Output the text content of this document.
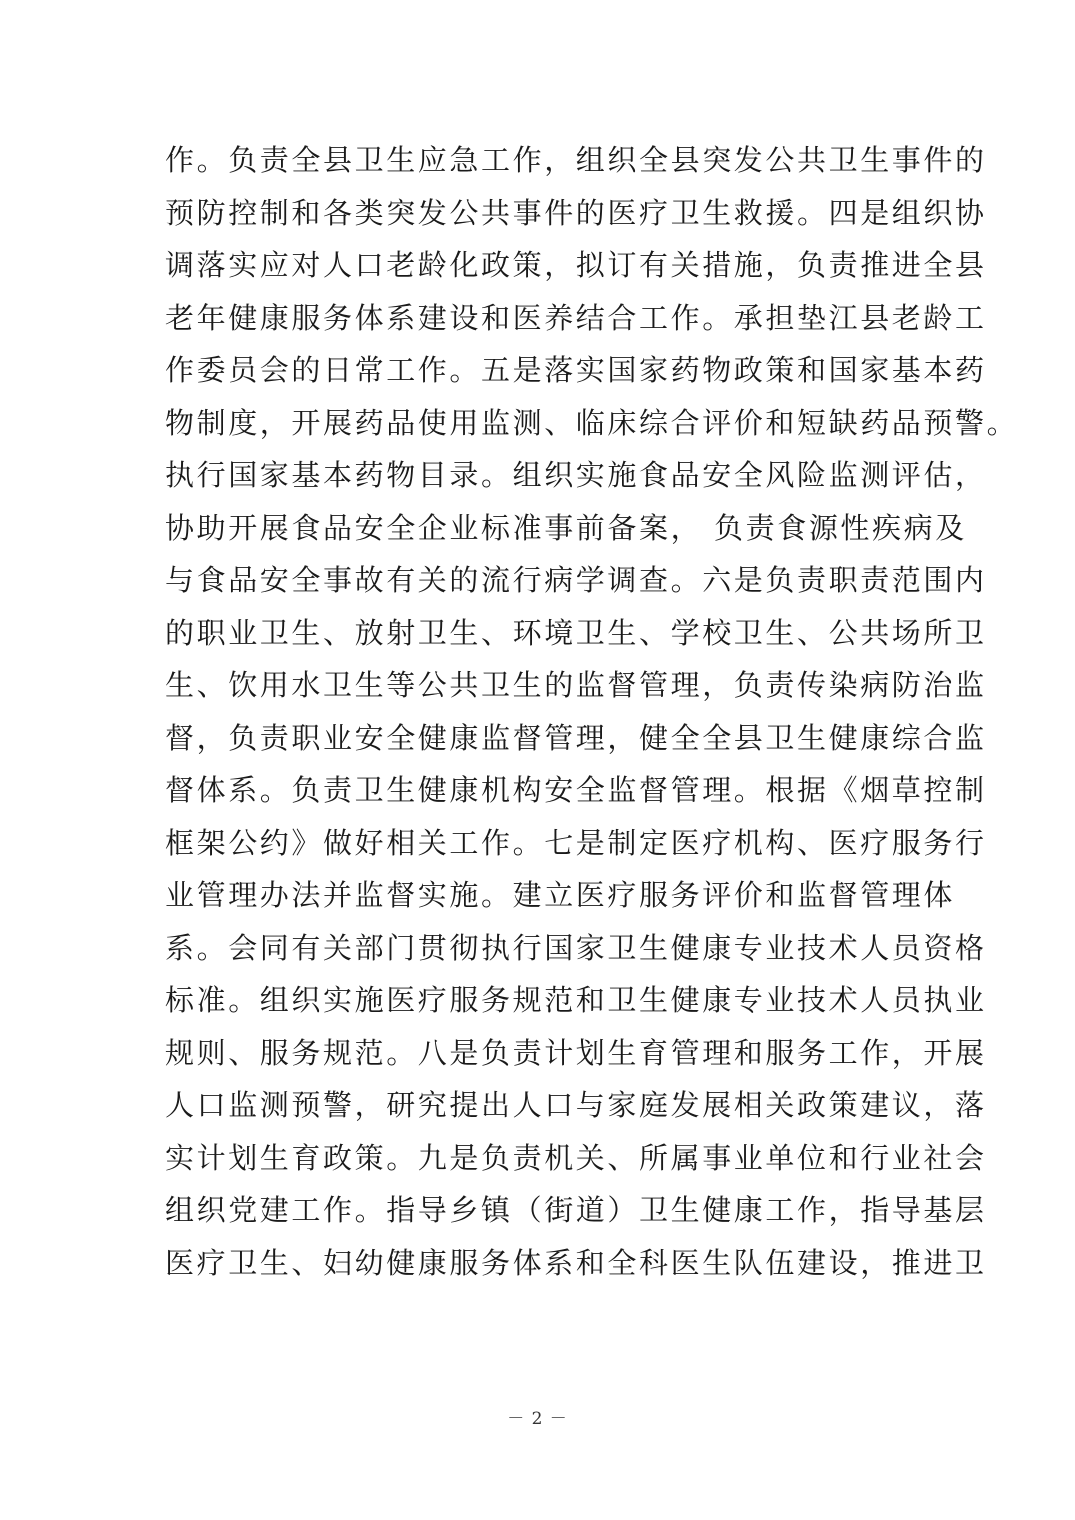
作。负责全县卫生应急工作，组织全县突发公共卫生事件的
预防控制和各类突发公共事件的医疗卫生救援。四是组织协
调落实应对人口老龄化政策，拟订有关措施，负责推进全县
老年健康服务体系建设和医养结合工作。承担垫江县老龄工
作委员会的日常工作。五是落实国家药物政策和国家基本药
物制度，开展药品使用监测、临床综合评价和短缺药品预警。
执行国家基本药物目录。组织实施食品安全风险监测评估，
协助开展食品安全企业标准事前备案， 负责食源性疾病及
与食品安全事故有关的流行病学调查。六是负责职责范围内
的职业卫生、放射卫生、环境卫生、学校卫生、公共场所卫
生、饮用水卫生等公共卫生的监督管理，负责传染病防治监
督，负责职业安全健康监督管理，健全全县卫生健康综合监
督体系。负责卫生健康机构安全监督管理。根据《烟草控制
框架公约》做好相关工作。七是制定医疗机构、医疗服务行
业管理办法并监督实施。建立医疗服务评价和监督管理体
系。会同有关部门贯彻执行国家卫生健康专业技术人员资格
标准。组织实施医疗服务规范和卫生健康专业技术人员执业
规则、服务规范。八是负责计划生育管理和服务工作，开展
人口监测预警，研究提出人口与家庭发展相关政策建议，落
实计划生育政策。九是负责机关、所属事业单位和行业社会
组织党建工作。指导乡镇（街道）卫生健康工作，指导基层
医疗卫生、妇幼健康服务体系和全科医生队伍建设，推进卫
－ 2 －
